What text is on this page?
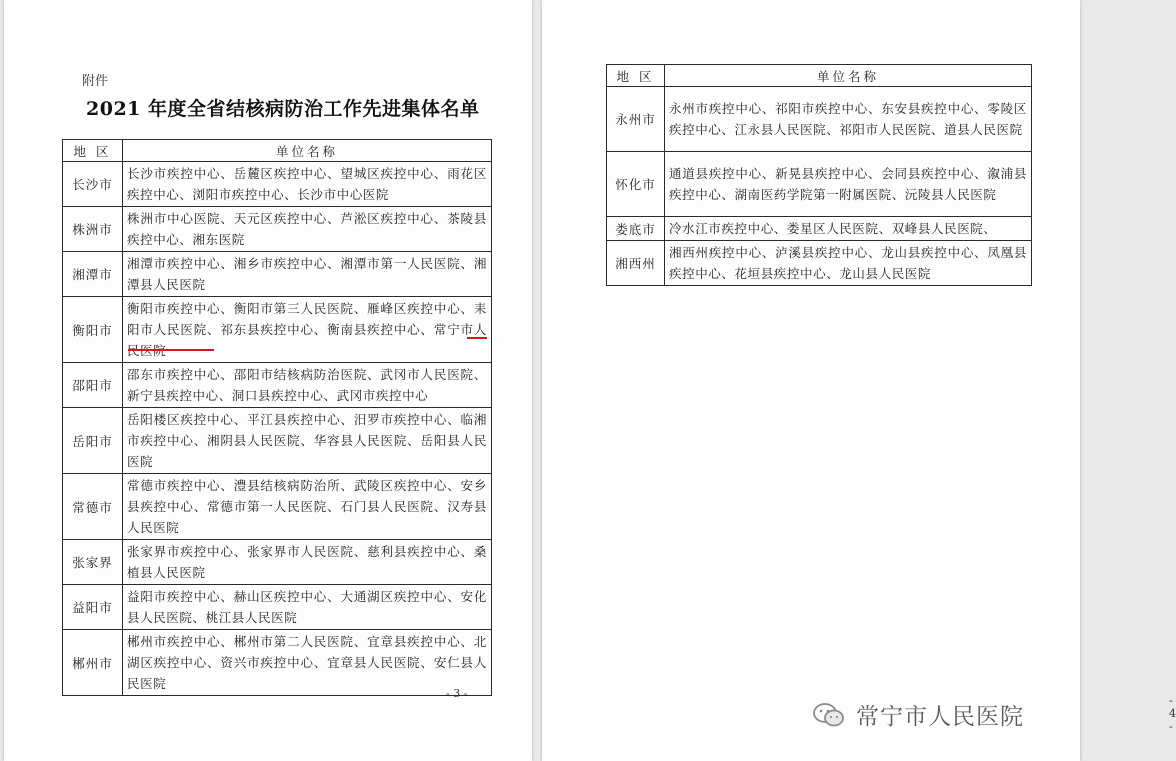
附件
2021 年度全省结核病防治工作先进集体名单
- 3 -
- 4 -
地 区	单位名称
长沙市	长沙市疾控中心、岳麓区疾控中心、望城区疾控中心、雨花区疾控中心、浏阳市疾控中心、长沙市中心医院
株洲市	株洲市中心医院、天元区疾控中心、芦淞区疾控中心、茶陵县疾控中心、湘东医院
湘潭市	湘潭市疾控中心、湘乡市疾控中心、湘潭市第一人民医院、湘潭县人民医院
衡阳市	衡阳市疾控中心、衡阳市第三人民医院、雁峰区疾控中心、耒阳市人民医院、祁东县疾控中心、衡南县疾控中心、常宁市人
邵阳市	邵东市疾控中心、邵阳市结核病防治医院、武冈市人民医院、新宁县疾控中心、洞口县疾控中心、武冈市疾控中心
岳阳市	岳阳楼区疾控中心、平江县疾控中心、汨罗市疾控中心、临湘市疾控中心、湘阴县人民医院、华容县人民医院、岳阳县人民医院
常德市	常德市疾控中心、澧县结核病防治所、武陵区疾控中心、安乡县疾控中心、常德市第一人民医院、石门县人民医院、汉寿县人民医院
张家界	张家界市疾控中心、张家界市人民医院、慈利县疾控中心、桑植县人民医院
益阳市	益阳市疾控中心、赫山区疾控中心、大通湖区疾控中心、安化县人民医院、桃江县人民医院
郴州市	郴州市疾控中心、郴州市第二人民医院、宜章县疾控中心、北湖区疾控中心、资兴市疾控中心、宜章县人民医院、安仁县人民医院
地 区	单位名称
永州市	永州市疾控中心、祁阳市疾控中心、东安县疾控中心、零陵区疾控中心、江永县人民医院、祁阳市人民医院、道县人民医院
怀化市	通道县疾控中心、新晃县疾控中心、会同县疾控中心、溆浦县疾控中心、湖南医药学院第一附属医院、沅陵县人民医院
娄底市	冷水江市疾控中心、娄星区人民医院、双峰县人民医院、
湘西州	湘西州疾控中心、泸溪县疾控中心、龙山县疾控中心、凤凰县疾控中心、花垣县疾控中心、龙山县人民医院
常宁市人民医院
